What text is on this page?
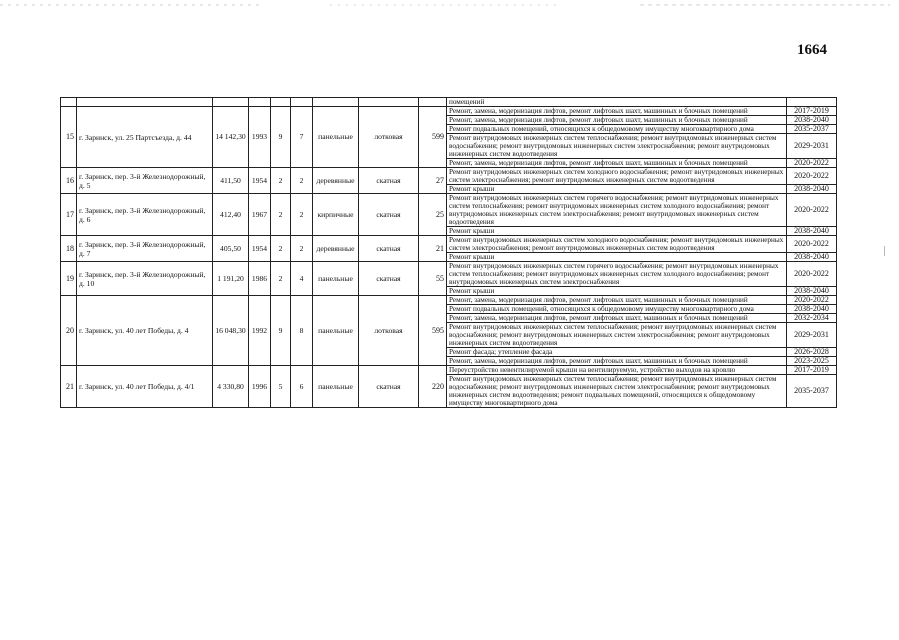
1664
									помещений	
15	г. Заринск, ул. 25 Партсъезда, д. 44	14 142,30	1993	9	7	панельные	лотковая	599	Ремонт, замена, модернизация лифтов, ремонт лифтовых шахт, машинных и блочных помещений	2017-2019
									Ремонт, замена, модернизация лифтов, ремонт лифтовых шахт, машинных и блочных помещений	2038-2040
									Ремонт подвальных помещений, относящихся к общедомовому имуществу многоквартирного дома	2035-2037
									Ремонт внутридомовых инженерных систем теплоснабжения; ремонт внутридомовых инженерных систем водоснабжения; ремонт внутридомовых инженерных систем электроснабжения; ремонт внутридомовых инженерных систем водоотведения	2029-2031
									Ремонт, замена, модернизация лифтов, ремонт лифтовых шахт, машинных и блочных помещений	2020-2022
16	г. Заринск, пер. 3-й Железнодорожный, д. 5	411,50	1954	2	2	деревянные	скатная	27	Ремонт внутридомовых инженерных систем холодного водоснабжения; ремонт внутридомовых инженерных систем электроснабжения; ремонт внутридомовых инженерных систем водоотведения	2020-2022
									Ремонт крыши	2038-2040
17	г. Заринск, пер. 3-й Железнодорожный, д. 6	412,40	1967	2	2	кирпичные	скатная	25	Ремонт внутридомовых инженерных систем горячего водоснабжения; ремонт внутридомовых инженерных систем теплоснабжения; ремонт внутридомовых инженерных систем холодного водоснабжения; ремонт внутридомовых инженерных систем электроснабжения; ремонт внутридомовых инженерных систем водоотведения	2020-2022
									Ремонт крыши	2038-2040
18	г. Заринск, пер. 3-й Железнодорожный, д. 7	405,50	1954	2	2	деревянные	скатная	21	Ремонт внутридомовых инженерных систем холодного водоснабжения; ремонт внутридомовых инженерных систем электроснабжения; ремонт внутридомовых инженерных систем водоотведения	2020-2022
									Ремонт крыши	2038-2040
19	г. Заринск, пер. 3-й Железнодорожный, д. 10	1 191,20	1986	2	4	панельные	скатная	55	Ремонт внутридомовых инженерных систем горячего водоснабжения; ремонт внутридомовых инженерных систем теплоснабжения; ремонт внутридомовых инженерных систем холодного водоснабжения; ремонт внутридомовых инженерных систем электроснабжения	2020-2022
									Ремонт крыши	2038-2040
20	г. Заринск, ул. 40 лет Победы, д. 4	16 048,30	1992	9	8	панельные	лотковая	595	Ремонт, замена, модернизация лифтов, ремонт лифтовых шахт, машинных и блочных помещений	2020-2022
									Ремонт подвальных помещений, относящихся к общедомовому имуществу многоквартирного дома	2038-2040
									Ремонт, замена, модернизация лифтов, ремонт лифтовых шахт, машинных и блочных помещений	2032-2034
									Ремонт внутридомовых инженерных систем теплоснабжения; ремонт внутридомовых инженерных систем водоснабжения; ремонт внутридомовых инженерных систем электроснабжения; ремонт внутридомовых инженерных систем водоотведения	2029-2031
									Ремонт фасада; утепление фасада	2026-2028
									Ремонт, замена, модернизация лифтов, ремонт лифтовых шахт, машинных и блочных помещений	2023-2025
21	г. Заринск, ул. 40 лет Победы, д. 4/1	4 330,80	1996	5	6	панельные	скатная	220	Переустройство невентилируемой крыши на вентилируемую, устройство выходов на кровлю	2017-2019
									Ремонт внутридомовых инженерных систем теплоснабжения; ремонт внутридомовых инженерных систем водоснабжения; ремонт внутридомовых инженерных систем электроснабжения; ремонт внутридомовых инженерных систем водоотведения; ремонт подвальных помещений, относящихся к общедомовому имуществу многоквартирного дома	2035-2037
